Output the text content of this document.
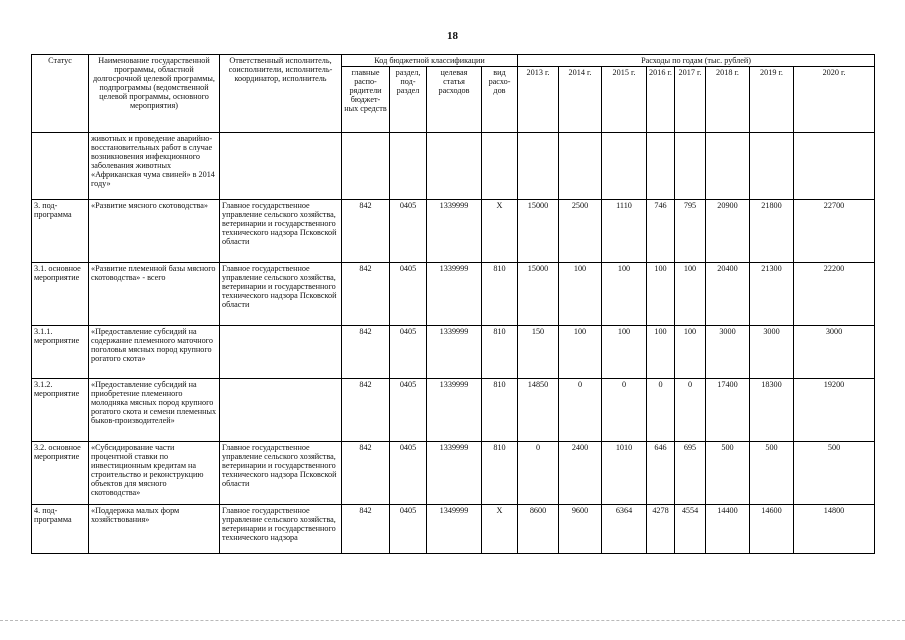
18
Статус	Наименование государственной программы, областной долгосрочной целевой программы, подпрограммы (ведомственной целевой программы, основного мероприятия)	Ответственный исполнитель, соисполнители, исполнитель-координатор, исполнитель	Код бюджетной классификации				Расходы по годам (тыс. рублей)							
			главные распо-рядители бюджет-ных средств	раздел, под-раздел	целевая статья расходов	вид расхо-дов	2013 г.	2014 г.	2015 г.	2016 г.	2017 г.	2018 г.	2019 г.	2020 г.
	животных и проведение аварийно-восстановительных работ в случае возникновения инфекционного заболевания животных «Африканская чума свиней» в 2014 году»													
3. под-программа	«Развитие мясного скотоводства»	Главное государственное управление сельского хозяйства, ветеринарии и государственного технического надзора Псковской области	842	0405	1339999	X	15000	2500	1110	746	795	20900	21800	22700
3.1. основное мероприятие	«Развитие племенной базы мясного скотоводства» - всего	Главное государственное управление сельского хозяйства, ветеринарии и государственного технического надзора Псковской области	842	0405	1339999	810	15000	100	100	100	100	20400	21300	22200
3.1.1. мероприятие	«Предоставление субсидий на содержание племенного маточного поголовья мясных пород крупного рогатого скота»		842	0405	1339999	810	150	100	100	100	100	3000	3000	3000
3.1.2. мероприятие	«Предоставление субсидий на приобретение племенного молодняка мясных пород крупного рогатого скота и семени племенных быков-производителей»		842	0405	1339999	810	14850	0	0	0	0	17400	18300	19200
3.2. основное мероприятие	«Субсидирование части процентной ставки по инвестиционным кредитам на строительство и реконструкцию объектов для мясного скотоводства»	Главное государственное управление сельского хозяйства, ветеринарии и государственного технического надзора Псковской области	842	0405	1339999	810	0	2400	1010	646	695	500	500	500
4. под-программа	«Поддержка малых форм хозяйствования»	Главное государственное управление сельского хозяйства, ветеринарии и государственного технического надзора	842	0405	1349999	X	8600	9600	6364	4278	4554	14400	14600	14800
